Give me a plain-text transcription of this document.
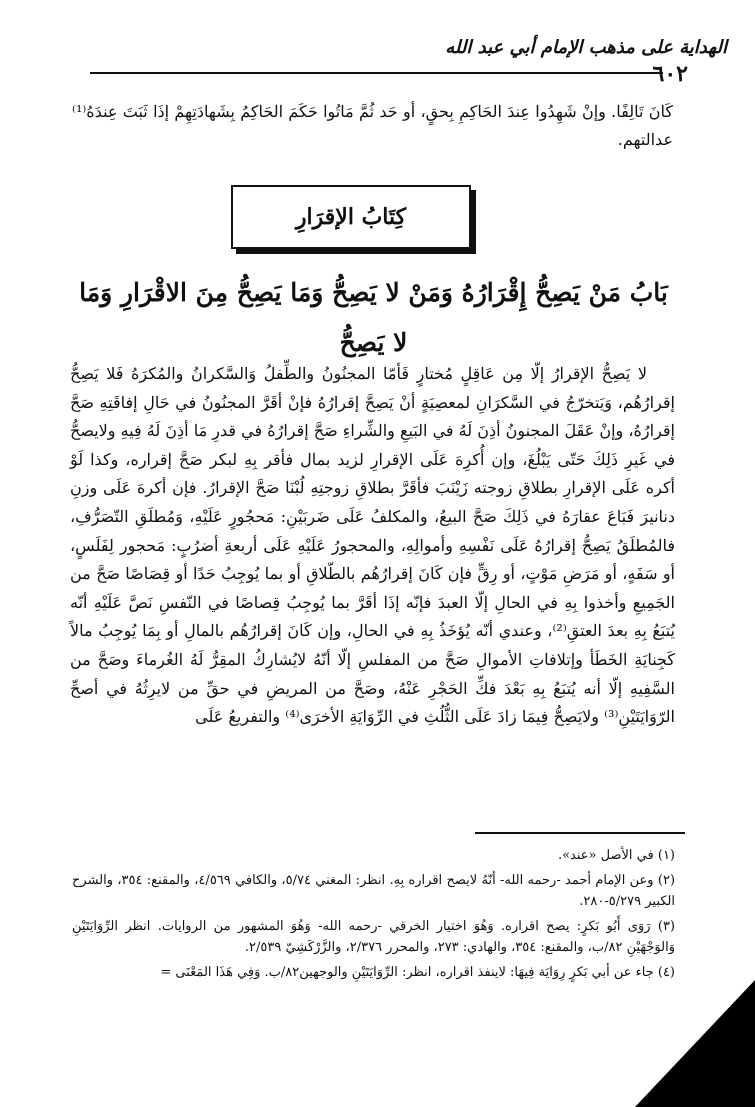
الهداية على مذهب الإمام أبي عبد الله
٦٠٢

كَانَ تَالِفًا. وإنْ شَهِدُوا عِندَ الحَاكِمِ بِحقٍ، أو حَد ثُمَّ مَاتُوا حَكَمَ الحَاكِمُ بِشَهادَتِهِمْ إذَا ثَبَتَ عِندَهُ⁽¹⁾ عدالتهم.

كِتَابُ الإقرَارِ
بَابُ مَنْ يَصِحُّ إِقْرَارُهُ وَمَنْ لا يَصِحُّ وَمَا يَصِحُّ مِنَ الاقْرَارِ وَمَا لا يَصِحُّ

لا يَصِحُّ الإقرارُ إلّا مِن عَاقِلٍ مُختارٍ فَأمّا المجنُونُ والطِّفلُ وَالسَّكرانُ والمُكرَهُ فَلا يَصِحُّ إقرارُهُم، وَيَتخرّجُ في السَّكرَانِ لمعصِيَةٍ أنْ يَصِحَّ إقرارُهُ فإنْ أقَرَّ المجنُونُ في حَالِ إفاقَتِهِ صَحَّ إقرارُهُ، وإنْ عَقَلَ المجنونُ أذِنَ لَهُ في البَيعِ والشِّراءِ صَحَّ إقرارُهُ في قدرِ مَا أذِنَ لَهُ فِيهِ ولايصحُّ في غَيرِ ذَلِكَ حَتّى يَبْلُغَ، وإن أُكرِهَ عَلَى الإقرارِ لزيد بمال فأقر بِهِ لبكر صَحَّ إقراره، وكذا لَوْ أكره عَلَى الإقرارِ بطلاقِ زوجته زَيْنَبَ فأقَرَّ بطلاقِ زوجتِهِ لُبْنَا صَحَّ الإقرارُ. فإن أكرهَ عَلَى وزنِ دنانيرَ فَبَاعَ عقارَهُ في ذَلِكَ صَحَّ البيعُ، والمكلفُ عَلَى ضَربَيْنِ: مَحجُورٍ عَلَيْهِ، وَمُطلَقِ التّصَرُّفِ، فالمُطلَقُ يَصِحُّ إقرارُهُ عَلَى نَفْسِهِ وأموالِهِ، والمحجورُ عَلَيْهِ عَلَى أربعةِ أضرُبٍ: مَحجور لِفَلَسٍ، أو سَفَهٍ، أو مَرَضِ مَوْتٍ، أو رِقٍّ فإن كَانَ إقرارُهُم بالطّلاقِ أو بما يُوجِبُ حَدًا أو قِصَاصًا صَحَّ من الجَمِيعِ وأخذوا بِهِ في الحالِ إلّا العبدَ فإنّه إذَا أقَرَّ بما يُوجِبُ قِصاصًا في النّفسِ نَصَّ عَلَيْهِ أنّه يُتبَعُ بِهِ بعدَ العتقِ⁽²⁾، وعندي أنّه يُؤخَذُ بِهِ في الحالِ، وإن كَانَ إقرارُهُم بالمالِ أو بِمَا يُوجِبُ مالاً كَجِنايَةِ الخَطَأ وإتلافاتِ الأموالِ صَحَّ من المفلسِ إلّا أنّهُ لايُشارِكُ المقِرُّ لَهُ الغُرماءَ وصَحَّ من السَّفِيهِ إلّا أنه يُتبَعُ بِهِ بَعْدَ فكِّ الحَجْرِ عَنْهُ، وصَحَّ من المريضِ في حقِّ من لايرِثُهُ في أصحِّ الرّوَايَتَيْنِ⁽³⁾ ولايَصِحُّ فِيمَا زادَ عَلَى الثُّلُثِ في الرِّوَايَةِ الأخرَى⁽⁴⁾ والتفريعُ عَلَى

(١) في الأصل «عند».

(٢) وعن الإمام أحمد -رحمه الله- أنّهُ لايصح اقراره بِهِ. انظر: المغني ٥/٧٤، والكافي ٤/٥٦٩، والمقنع: ٣٥٤، والشرح الكبير ٥/٢٧٩-٢٨٠.

(٣) رَوَى أَبُو بَكرٍ: يصح اقراره. وَهُوَ اختيار الخرقي -رحمه الله- وَهُوَ المشهور من الروايات. انظر الرِّوَايَتَيْنِ وَالوَجْهَيْنِ ٨٢/ب، والمقنع: ٣٥٤، والهادي: ٢٧٣، والمحرر ٢/٣٧٦، والزَّرْكَشِيّ ٢/٥٣٩.

(٤) جاء عن أبي بَكرٍ رِوَايَة فِيهَا: لاينفذ اقراره، انظر: الرِّوَايَتَيْنِ والوجهين٨٢/ب. وَفِي هَذَا المَعْنَى =
